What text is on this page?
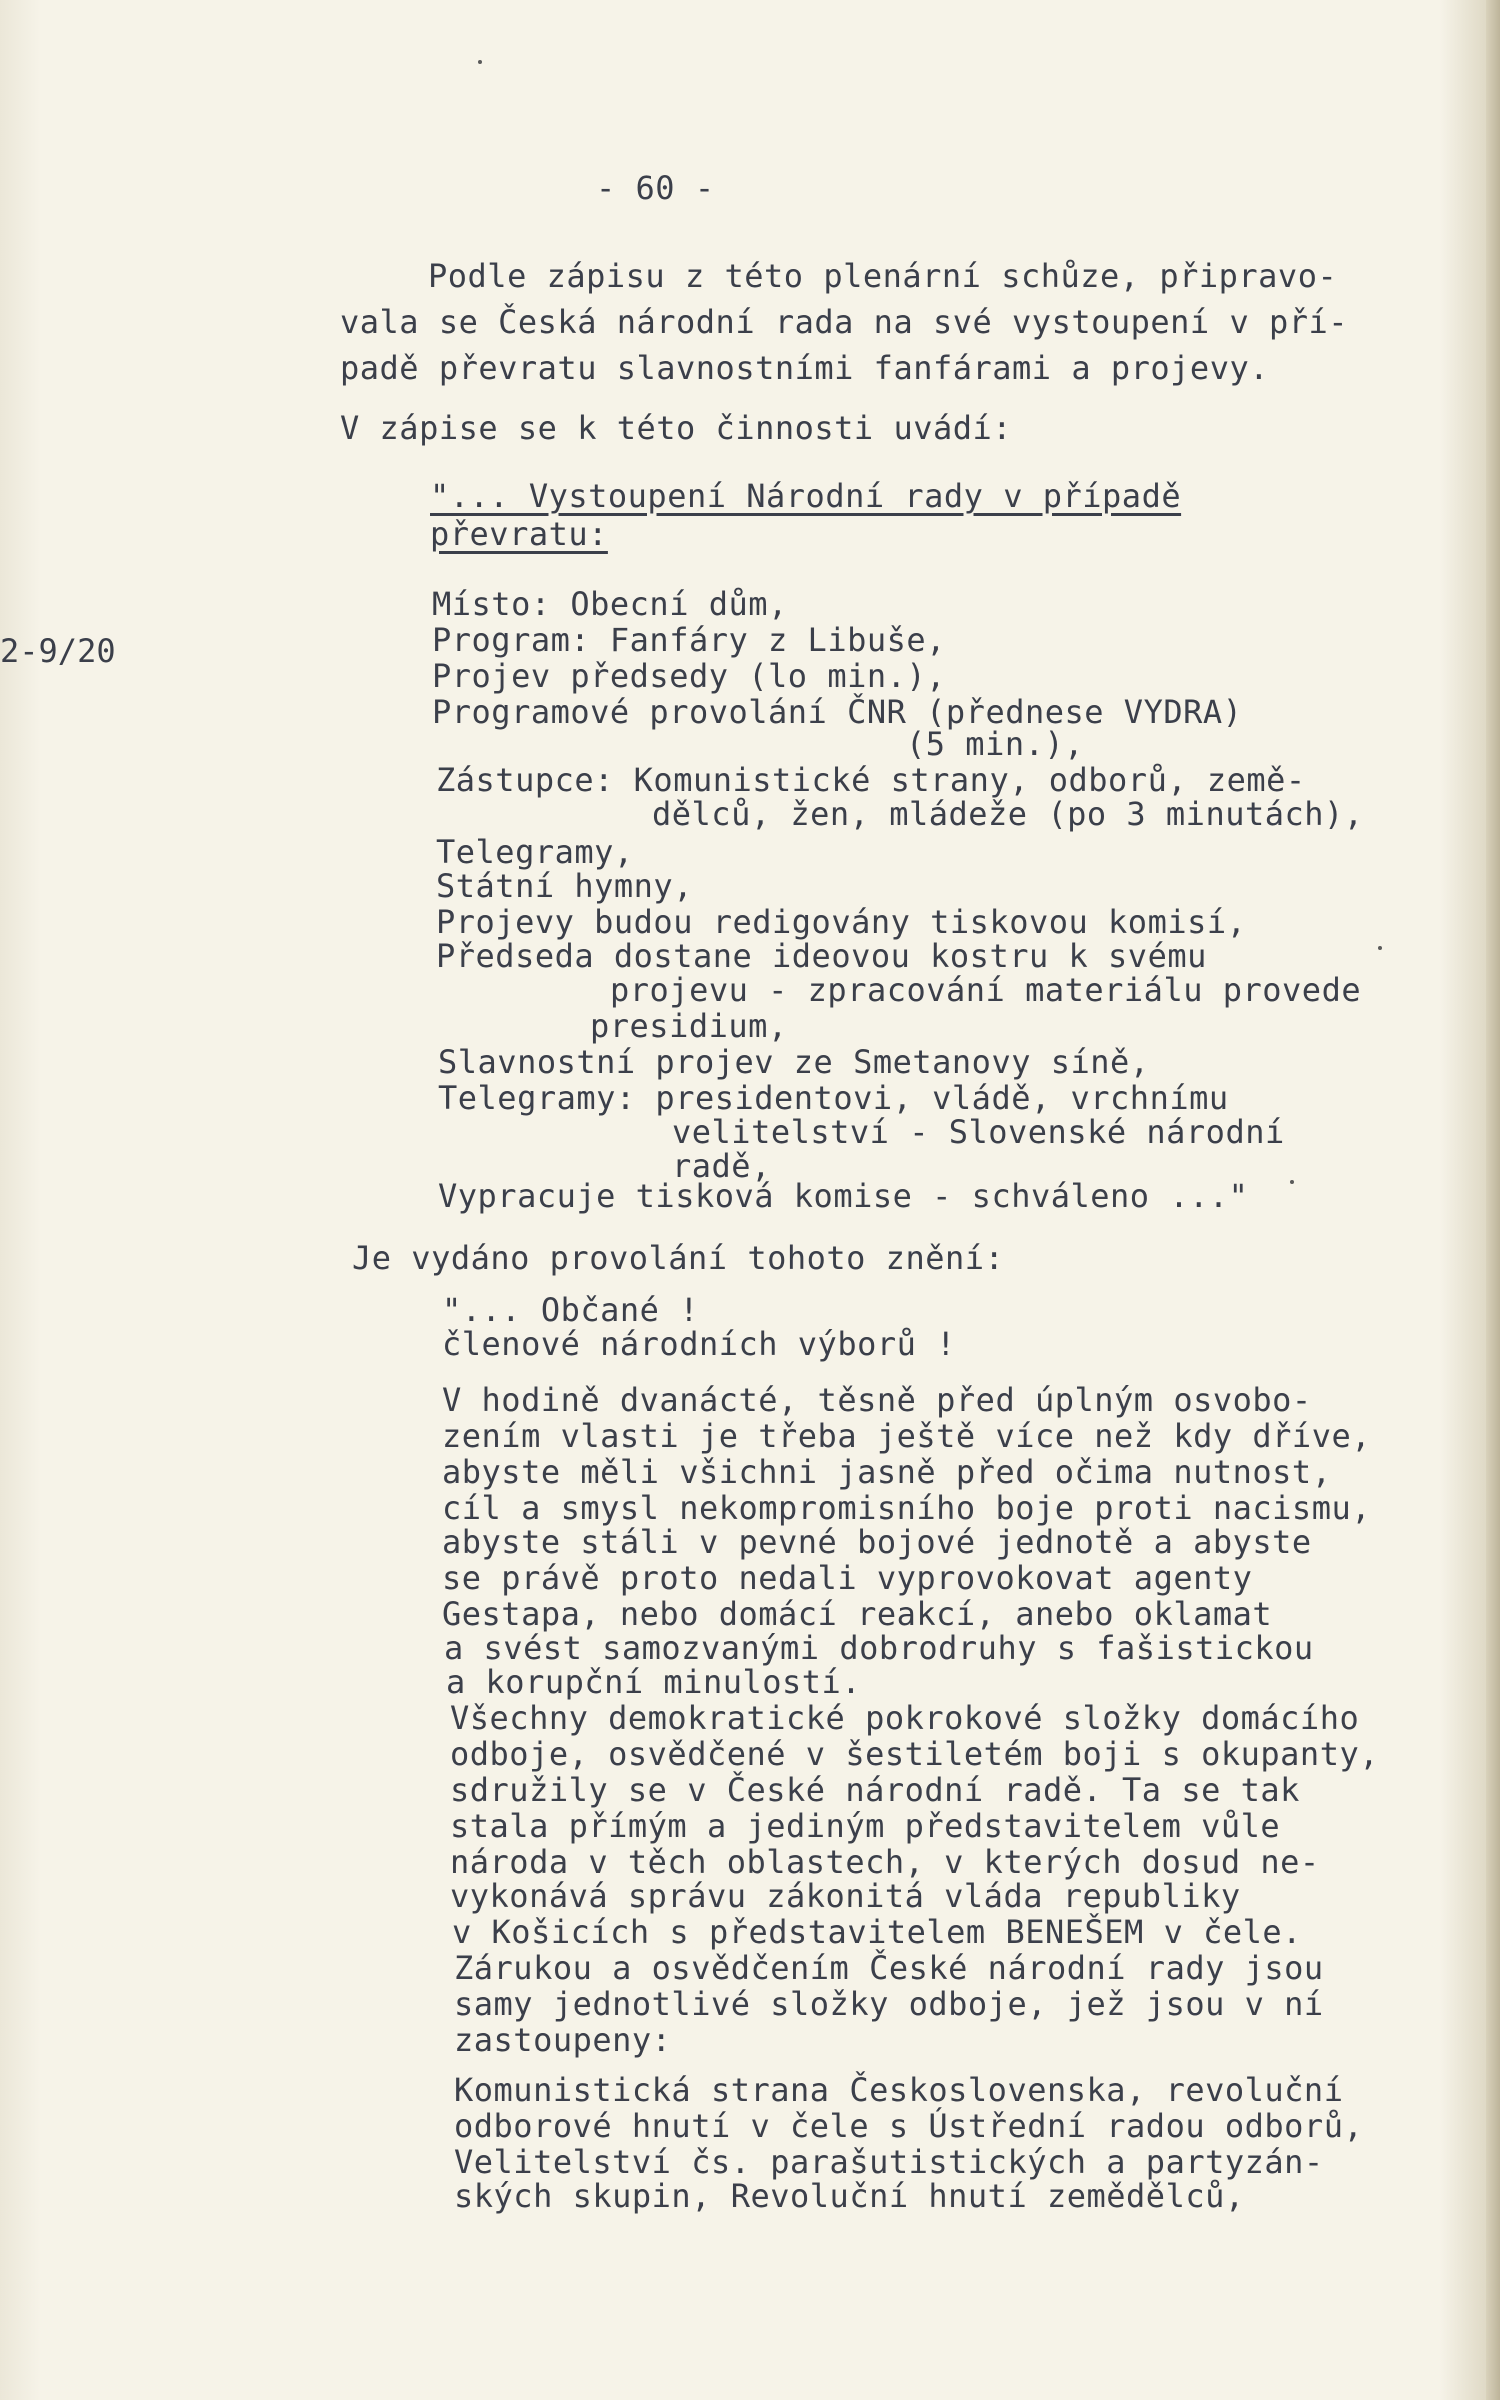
- 60 -
2-9/20
Podle zápisu z této plenární schůze, připravo-
vala se Česká národní rada na své vystoupení v pří-
padě převratu slavnostními fanfárami a projevy.
V zápise se k této činnosti uvádí:
"... Vystoupení Národní rady v případě
převratu:
Místo: Obecní dům,
Program: Fanfáry z Libuše,
Projev předsedy (lo min.),
Programové provolání ČNR (přednese VYDRA)
(5 min.),
Zástupce: Komunistické strany, odborů, země-
dělců, žen, mládeže (po 3 minutách),
Telegramy,
Státní hymny,
Projevy budou redigovány tiskovou komisí,
Předseda dostane ideovou kostru k svému
projevu - zpracování materiálu provede
presidium,
Slavnostní projev ze Smetanovy síně,
Telegramy: presidentovi, vládě, vrchnímu
velitelství - Slovenské národní
radě,
Vypracuje tisková komise - schváleno ..."
Je vydáno provolání tohoto znění:
"... Občané !
členové národních výborů !
V hodině dvanácté, těsně před úplným osvobo-
zením vlasti je třeba ještě více než kdy dříve,
abyste měli všichni jasně před očima nutnost,
cíl a smysl nekompromisního boje proti nacismu,
abyste stáli v pevné bojové jednotě a abyste
se právě proto nedali vyprovokovat agenty
Gestapa, nebo domácí reakcí, anebo oklamat
a svést samozvanými dobrodruhy s fašistickou
a korupční minulostí.
Všechny demokratické pokrokové složky domácího
odboje, osvědčené v šestiletém boji s okupanty,
sdružily se v České národní radě. Ta se tak
stala přímým a jediným představitelem vůle
národa v těch oblastech, v kterých dosud ne-
vykonává správu zákonitá vláda republiky
v Košicích s představitelem BENEŠEM v čele.
Zárukou a osvědčením České národní rady jsou
samy jednotlivé složky odboje, jež jsou v ní
zastoupeny:
Komunistická strana Československa, revoluční
odborové hnutí v čele s Ústřední radou odborů,
Velitelství čs. parašutistických a partyzán-
ských skupin, Revoluční hnutí zemědělců,
